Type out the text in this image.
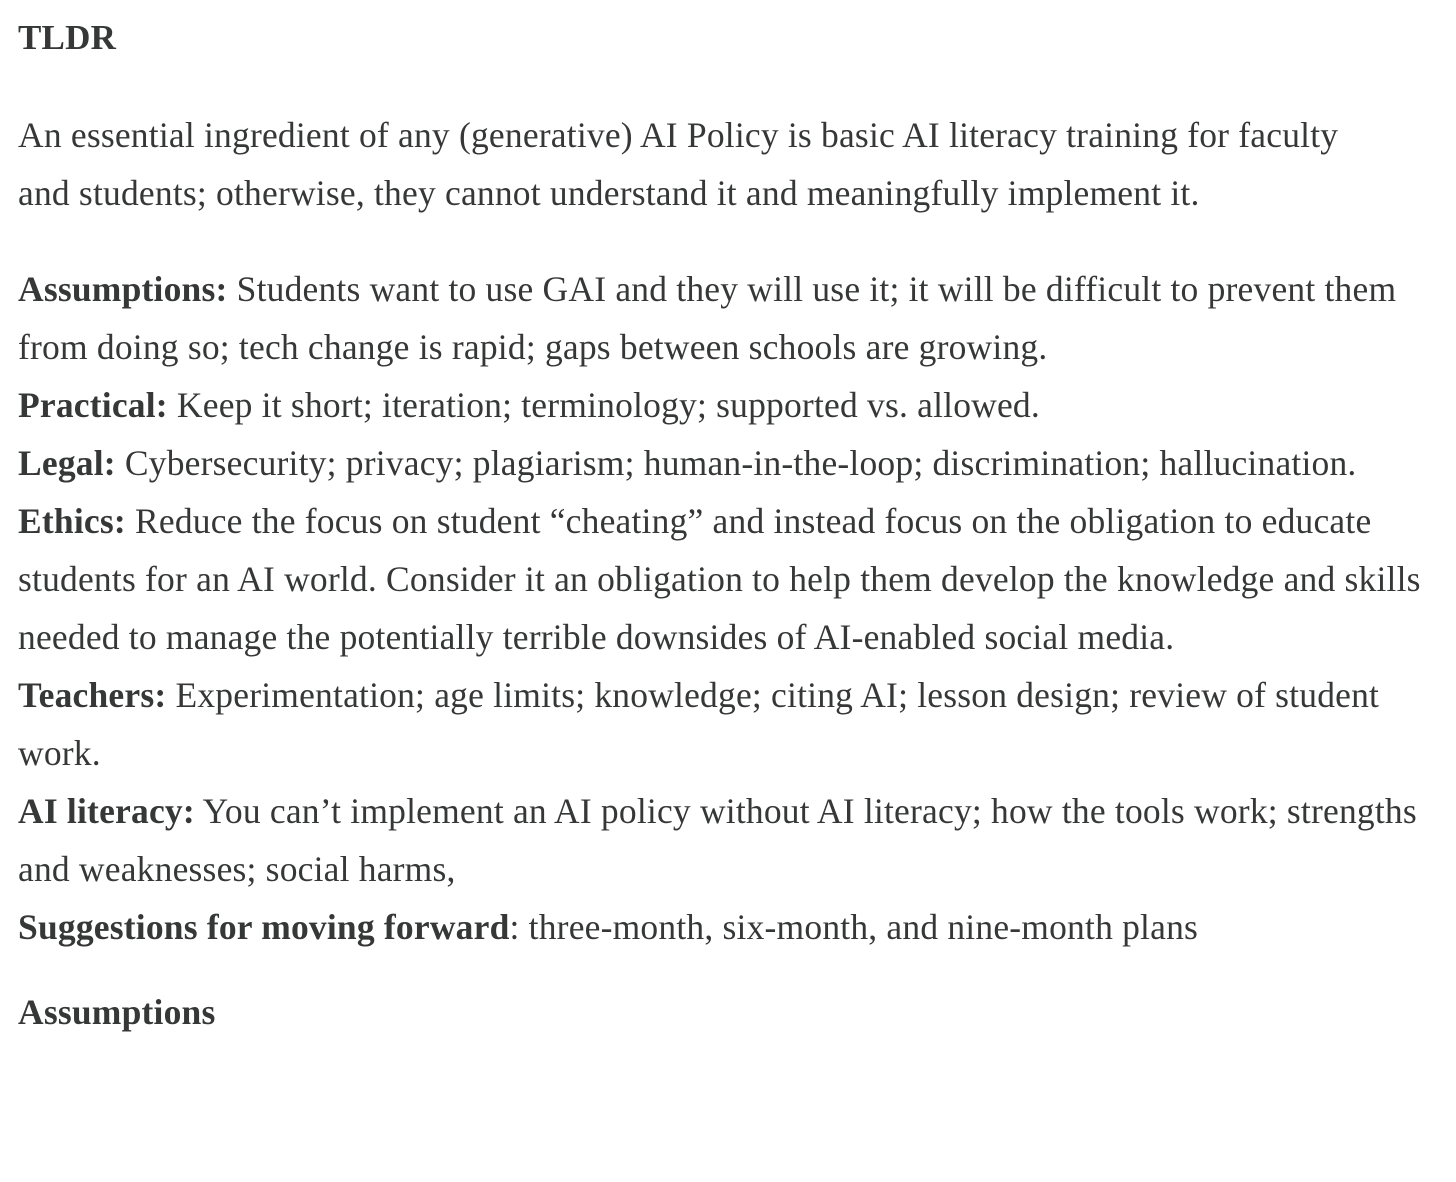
TLDR

An essential ingredient of any (generative) AI Policy is basic AI literacy training for faculty and students; otherwise, they cannot understand it and meaningfully implement it.

Assumptions: Students want to use GAI and they will use it; it will be difficult to prevent them from doing so; tech change is rapid; gaps between schools are growing.

Practical: Keep it short; iteration; terminology; supported vs. allowed.

Legal: Cybersecurity; privacy; plagiarism; human-in-the-loop; discrimination; hallucination.

Ethics: Reduce the focus on student “cheating” and instead focus on the obligation to educate students for an AI world. Consider it an obligation to help them develop the knowledge and skills needed to manage the potentially terrible downsides of AI-enabled social media.

Teachers: Experimentation; age limits; knowledge; citing AI; lesson design; review of student work.

AI literacy: You can’t implement an AI policy without AI literacy; how the tools work; strengths and weaknesses; social harms,

Suggestions for moving forward: three-month, six-month, and nine-month plans

Assumptions
